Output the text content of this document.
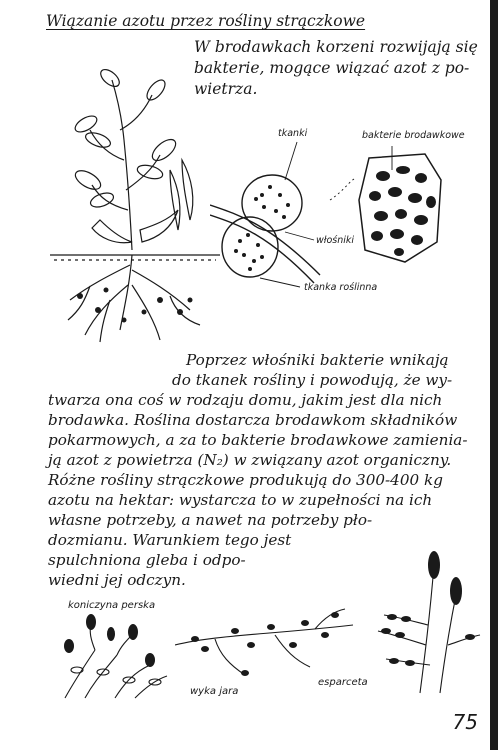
Wiązanie azotu przez rośliny strączkowe
W brodawkach korzeni rozwijają się
bakterie, mogące wiązać azot z po-
wietrza.
tkanki	bakterie brodawkowe
włośniki
tkanka roślinna
Poprzez włośniki bakterie wnikają
do tkanek rośliny i powodują, że wy-
twarza ona coś w rodzaju domu, jakim jest dla nich
brodawka. Roślina dostarcza brodawkom składników
pokarmowych, a za to bakterie brodawkowe zamienia-
ją azot z powietrza (N₂) w związany azot organiczny.
Różne rośliny strączkowe produkują do 300-400 kg
azotu na hektar: wystarcza to w zupełności na ich
własne potrzeby, a nawet na potrzeby pło-
dozmianu. Warunkiem tego jest
spulchniona gleba i odpo-
wiedni jej odczyn.
koniczyna perska
wyka jara
esparceta
75
